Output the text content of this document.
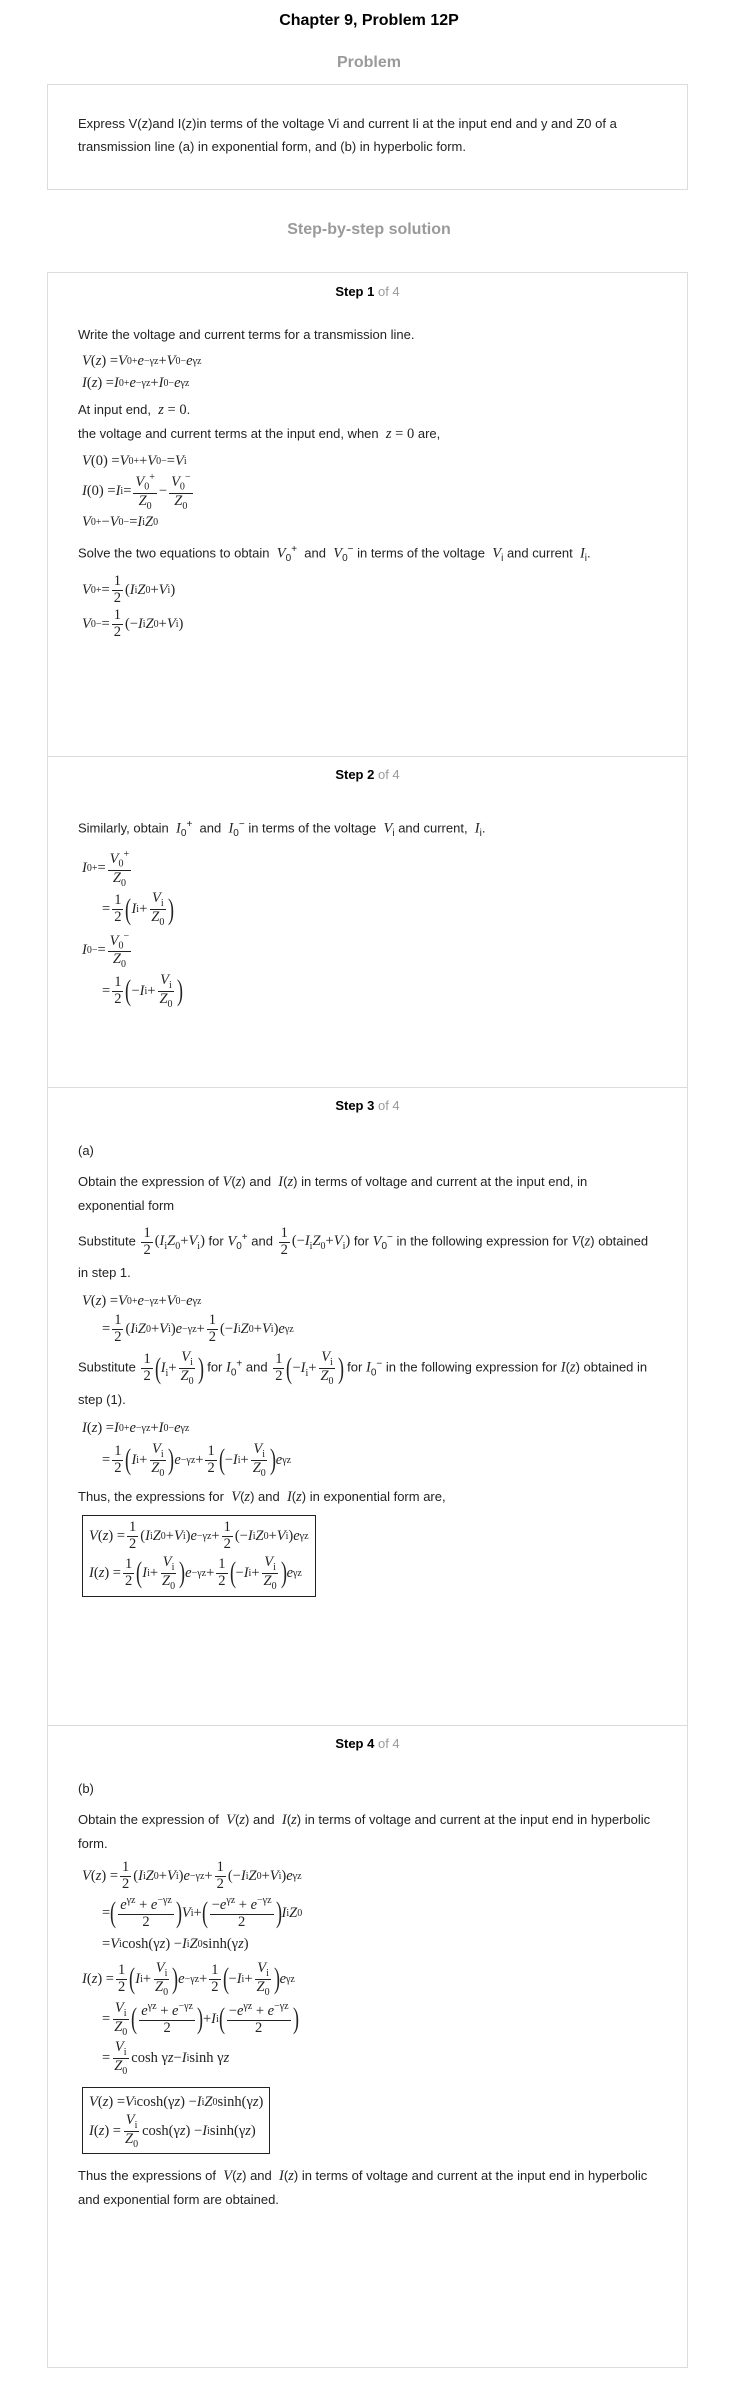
Chapter 9, Problem 12P
Problem
Express V(z)and I(z)in terms of the voltage Vi and current Ii at the input end and y and Z0 of a transmission line (a) in exponential form, and (b) in hyperbolic form.
Step-by-step solution
Step 1 of 4

Write the voltage and current terms for a transmission line.

V ( z ) = V 0 + e −γz + V 0 − e γz
I ( z ) = I 0 + e −γz + I 0 − e γz

At input end, z = 0.

the voltage and current terms at the input end, when z = 0 are,

V (0) = V 0 + + V 0 − = V i
I (0) = I $i = \frac{V_0^+}{Z_0} - \frac{V_0^-}{Z_0}$
V 0 + − V 0 − = I i Z 0

Solve the two equations to obtain $V_0^+$ and $V_0^-$ in terms of the voltage $V_i$ and current $I_i$.

V 0 + = $\frac{1}{2}$ ( I i Z 0 + V i )
V 0 − = $\frac{1}{2}$ (− I i Z 0 + V i )
Step 2 of 4

Similarly, obtain $I_0^+$ and $I_0^-$ in terms of the voltage $V_i$ and current, $I_i$.

I 0 + = $\frac{V_0^+}{Z_0}$
= $\frac{1}{2}$ ( I $i + \frac{V_i}{Z_0}$ )
I 0 − = $\frac{V_0^-}{Z_0}$
= $\frac{1}{2}$ ( − I $i + \frac{V_i}{Z_0}$ )
Step 3 of 4

(a)

Obtain the expression of V(z) and I(z) in terms of voltage and current at the input end, in exponential form

Substitute $\frac{1}{2} (I_iZ_0+V_i)$ for $V_0^+$ and $\frac{1}{2} (-I_iZ_0+V_i)$ for $V_0^-$ in the following expression for V(z) obtained in step 1.

V ( z ) = V 0 + e −γz + V 0 − e γz
= $\frac{1}{2}$ ( I i Z 0 + V i ) $e -\gamma z + \frac{1}{2}$ (− I i Z 0 + V i ) e γz

Substitute $\frac{1}{2} (I_i+ \frac{V_i}{Z_0}$ ) for $I_0^+$ and $\frac{1}{2} (-I_i+ \frac{V_i}{Z_0}$ ) for $I_0^-$ in the following expression for I(z) obtained in step (1).

I ( z ) = I 0 + e −γz + I 0 − e γz
= $\frac{1}{2}$ ( I $i + \frac{V_i}{Z_0}$ ) $e -\gamma z + \frac{1}{2}$ ( − I $i + \frac{V_i}{Z_0}$ ) e γz

Thus, the expressions for V(z) and I(z) in exponential form are,

V ( z ) = $\frac{1}{2}$ ( I i Z 0 + V i ) $e -\gamma z + \frac{1}{2}$ (− I i Z 0 + V i ) e γz
I ( z ) = $\frac{1}{2}$ ( I $i + \frac{V_i}{Z_0}$ ) $e -\gamma z + \frac{1}{2}$ ( − I $i + \frac{V_i}{Z_0}$ ) e γz
Step 4 of 4

(b)

Obtain the expression of V(z) and I(z) in terms of voltage and current at the input end in hyperbolic form.

V ( z ) = $\frac{1}{2}$ ( I i Z 0 + V i ) $e -\gamma z + \frac{1}{2}$ (− I i Z 0 + V i ) e γz
= ( $\frac{e^{\gamma z} + e^{-\gamma z}}{2}$ ) V i + ( $\frac{-e^{\gamma z} + e^{-\gamma z}}{2}$ ) I i Z 0
= V i cosh(γ z ) − I i Z 0 sinh(γ z )
I ( z ) = $\frac{1}{2}$ ( I $i + \frac{V_i}{Z_0}$ ) $e -\gamma z + \frac{1}{2}$ ( − I $i + \frac{V_i}{Z_0}$ ) e γz
= $\frac{V_i}{Z_0}$ ( $\frac{e^{\gamma z} + e^{-\gamma z}}{2}$ ) + I i ( $\frac{-e^{\gamma z} + e^{-\gamma z}}{2}$ )
= $\frac{V_i}{Z_0}$ cosh γ z − I i sinh γ z
V ( z ) = V i cosh(γ z ) − I i Z 0 sinh(γ z )
I ( z ) = $\frac{V_i}{Z_0} \cosh(\gamma$ z ) − I i sinh(γ z )

Thus the expressions of V(z) and I(z) in terms of voltage and current at the input end in hyperbolic and exponential form are obtained.
